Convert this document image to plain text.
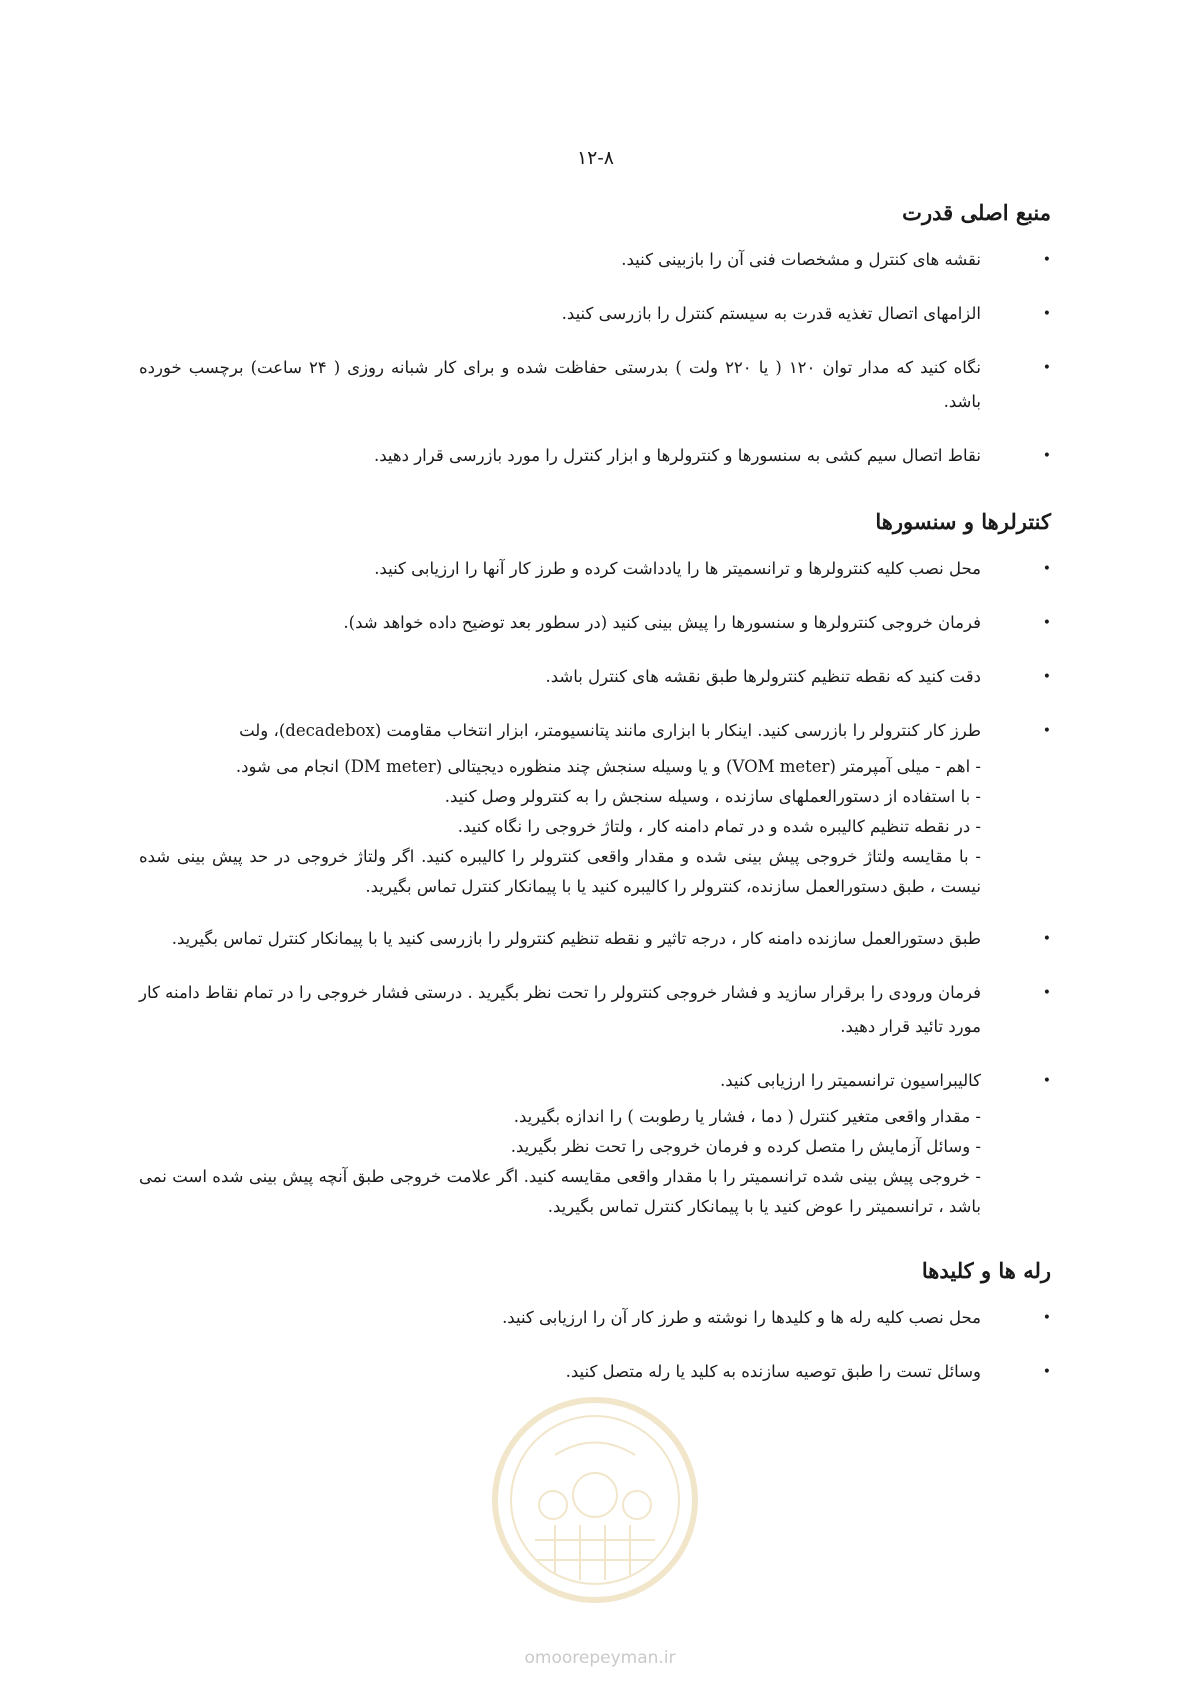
۱۲-۸
منبع اصلی قدرت
• نقشه های کنترل و مشخصات فنی آن را بازبینی کنید.
• الزامهای اتصال تغذیه قدرت به سیستم کنترل را بازرسی کنید.
• نگاه کنید که مدار توان ۱۲۰ ( یا ۲۲۰ ولت ) بدرستی حفاظت شده و برای کار شبانه روزی ( ۲۴ ساعت) برچسب خورده باشد.
• نقاط اتصال سیم کشی به سنسورها و کنترولرها و ابزار کنترل را مورد بازرسی قرار دهید.
کنترلرها و سنسورها
• محل نصب کلیه کنترولرها و ترانسمیتر ها را یادداشت کرده و طرز کار آنها را ارزیابی کنید.
• فرمان خروجی کنترولرها و سنسورها را پیش بینی کنید (در سطور بعد توضیح داده خواهد شد).
• دقت کنید که نقطه تنظیم کنترولرها طبق نقشه های کنترل باشد.
• طرز کار کنترولر را بازرسی کنید. اینکار با ابزاری مانند پتانسیومتر، ابزار انتخاب مقاومت (decadebox)، ولت
- اهم - میلی آمپرمتر (VOM meter) و یا وسیله سنجش چند منظوره دیجیتالی (DM meter) انجام می شود.
- با استفاده از دستورالعملهای سازنده ، وسیله سنجش را به کنترولر وصل کنید.
- در نقطه تنظیم کالیبره شده و در تمام دامنه کار ، ولتاژ خروجی را نگاه کنید.
- با مقایسه ولتاژ خروجی پیش بینی شده و مقدار واقعی کنترولر را کالیبره کنید. اگر ولتاژ خروجی در حد پیش بینی شده نیست ، طبق دستورالعمل سازنده، کنترولر را کالیبره کنید یا با پیمانکار کنترل تماس بگیرید.
• طبق دستورالعمل سازنده دامنه کار ، درجه تاثیر و نقطه تنظیم کنترولر را بازرسی کنید یا با پیمانکار کنترل تماس بگیرید.
• فرمان ورودی را برقرار سازید و فشار خروجی کنترولر را تحت نظر بگیرید . درستی فشار خروجی را در تمام نقاط دامنه کار مورد تائید قرار دهید.
• کالیبراسیون ترانسمیتر را ارزیابی کنید.
- مقدار واقعی متغیر کنترل ( دما ، فشار یا رطوبت ) را اندازه بگیرید.
- وسائل آزمایش را متصل کرده و فرمان خروجی را تحت نظر بگیرید.
- خروجی پیش بینی شده ترانسمیتر را با مقدار واقعی مقایسه کنید. اگر علامت خروجی طبق آنچه پیش بینی شده است نمی باشد ، ترانسمیتر را عوض کنید یا با پیمانکار کنترل تماس بگیرید.
رله ها و کلیدها
• محل نصب کلیه رله ها و کلیدها را نوشته و طرز کار آن را ارزیابی کنید.
• وسائل تست را طبق توصیه سازنده به کلید یا رله متصل کنید.
omoorepeyman.ir
